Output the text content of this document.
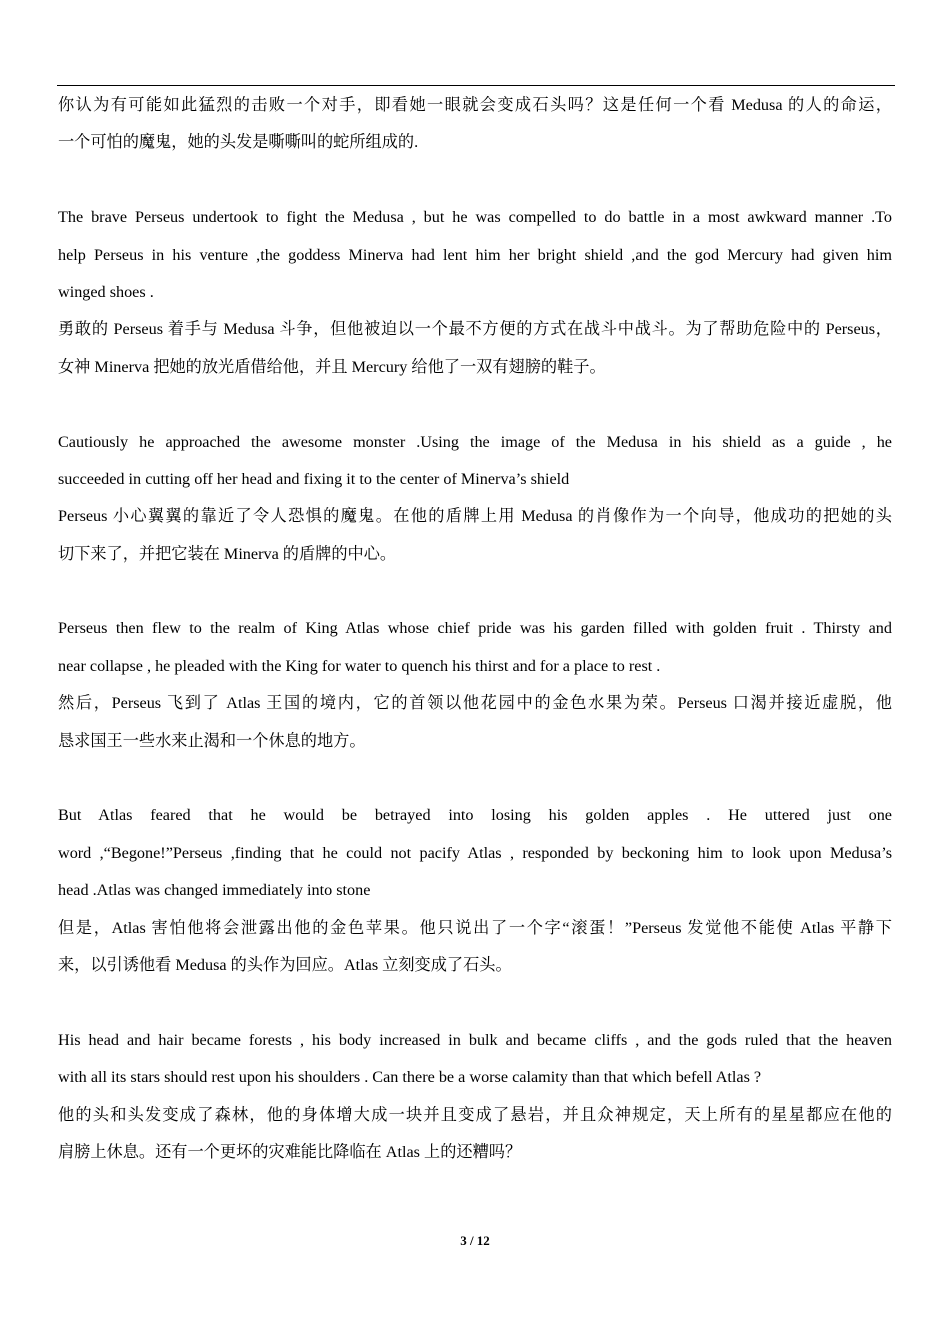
你认为有可能如此猛烈的击败一个对手，即看她一眼就会变成石头吗？这是任何一个看 Medusa 的人的命运，
一个可怕的魔鬼，她的头发是嘶嘶叫的蛇所组成的.
The brave Perseus undertook to fight the Medusa , but he was compelled to do battle in a most awkward manner .To
help Perseus in his venture ,the goddess Minerva had lent him her bright shield ,and the god Mercury had given him
winged shoes .
勇敢的 Perseus 着手与 Medusa 斗争，但他被迫以一个最不方便的方式在战斗中战斗。为了帮助危险中的 Perseus，
女神 Minerva 把她的放光盾借给他，并且 Mercury 给他了一双有翅膀的鞋子。
Cautiously he approached the awesome monster .Using the image of the Medusa in his shield as a guide , he
succeeded in cutting off her head and fixing it to the center of Minerva’s shield
Perseus 小心翼翼的靠近了令人恐惧的魔鬼。在他的盾牌上用 Medusa 的肖像作为一个向导，他成功的把她的头
切下来了，并把它装在 Minerva 的盾牌的中心。
Perseus then flew to the realm of King Atlas whose chief pride was his garden filled with golden fruit . Thirsty and
near collapse , he pleaded with the King for water to quench his thirst and for a place to rest .
然后，Perseus 飞到了 Atlas 王国的境内，它的首领以他花园中的金色水果为荣。Perseus 口渴并接近虚脱，他
恳求国王一些水来止渴和一个休息的地方。
But Atlas feared that he would be betrayed into losing his golden apples . He uttered just one
word ,“Begone!”Perseus ,finding that he could not pacify Atlas , responded by beckoning him to look upon Medusa’s
head .Atlas was changed immediately into stone
但是，Atlas 害怕他将会泄露出他的金色苹果。他只说出了一个字“滚蛋！”Perseus 发觉他不能使 Atlas 平静下
来，以引诱他看 Medusa 的头作为回应。Atlas 立刻变成了石头。
His head and hair became forests , his body increased in bulk and became cliffs , and the gods ruled that the heaven
with all its stars should rest upon his shoulders . Can there be a worse calamity than that which befell Atlas ?
他的头和头发变成了森林，他的身体增大成一块并且变成了悬岩，并且众神规定，天上所有的星星都应在他的
肩膀上休息。还有一个更坏的灾难能比降临在 Atlas 上的还糟吗？
3 / 12
